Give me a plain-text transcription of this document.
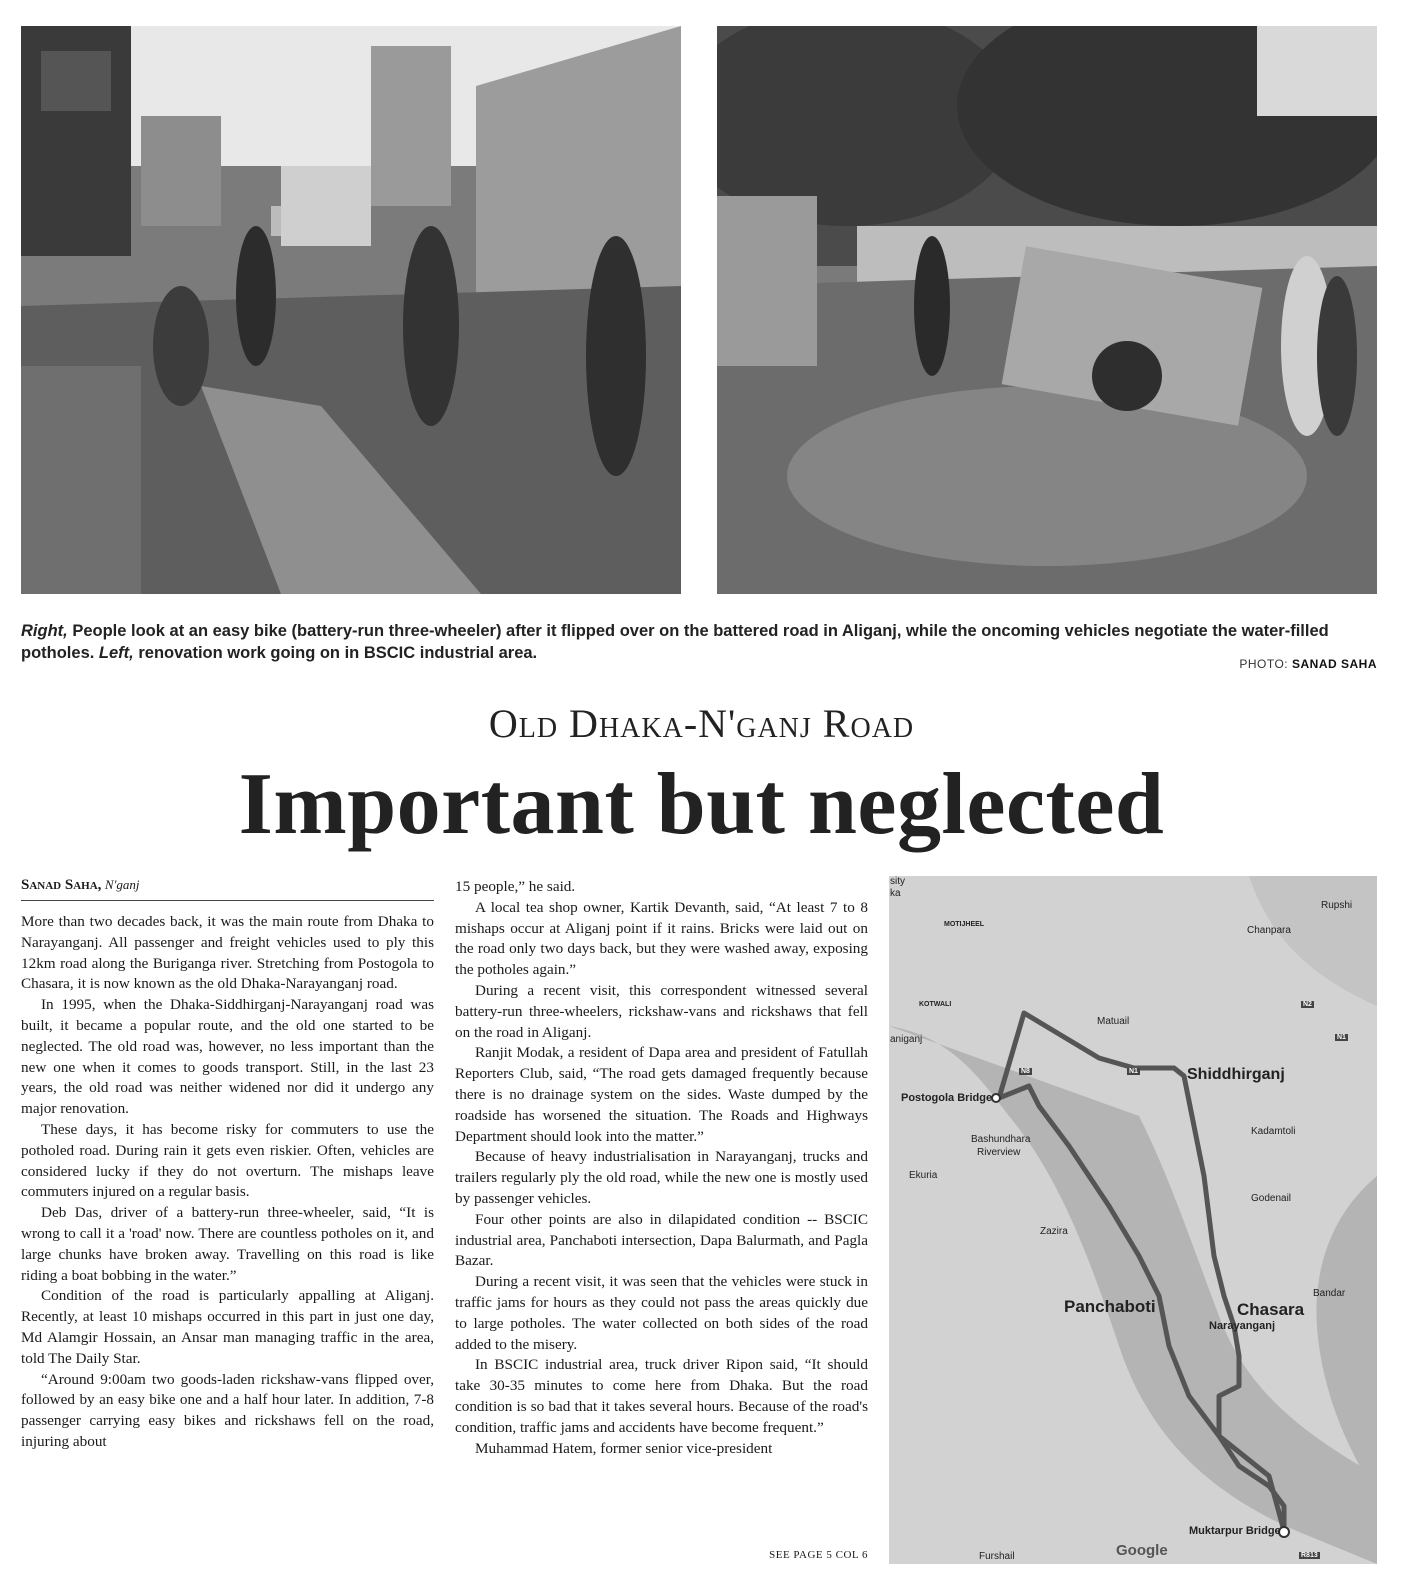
Right, People look at an easy bike (battery-run three-wheeler) after it flipped over on the battered road in Aliganj, while the oncoming vehicles negotiate the water-filled potholes. Left, renovation work going on in BSCIC industrial area.
PHOTO: SANAD SAHA
Old Dhaka-N'ganj Road
Important but neglected
Sanad Saha, N'ganj

More than two decades back, it was the main route from Dhaka to Narayanganj. All passenger and freight vehicles used to ply this 12km road along the Buriganga river. Stretching from Postogola to Chasara, it is now known as the old Dhaka-Narayanganj road.

In 1995, when the Dhaka-Siddhirganj-Narayanganj road was built, it became a popular route, and the old one started to be neglected. The old road was, however, no less important than the new one when it comes to goods transport. Still, in the last 23 years, the old road was neither widened nor did it undergo any major renovation.

These days, it has become risky for commuters to use the potholed road. During rain it gets even riskier. Often, vehicles are considered lucky if they do not overturn. The mishaps leave commuters injured on a regular basis.

Deb Das, driver of a battery-run three-wheeler, said, “It is wrong to call it a 'road' now. There are countless potholes on it, and large chunks have broken away. Travelling on this road is like riding a boat bobbing in the water.”

Condition of the road is particularly appalling at Aliganj. Recently, at least 10 mishaps occurred in this part in just one day, Md Alamgir Hossain, an Ansar man managing traffic in the area, told The Daily Star.

“Around 9:00am two goods-laden rickshaw-vans flipped over, followed by an easy bike one and a half hour later. In addition, 7-8 passenger carrying easy bikes and rickshaws fell on the road, injuring about

15 people,” he said.

A local tea shop owner, Kartik Devanth, said, “At least 7 to 8 mishaps occur at Aliganj point if it rains. Bricks were laid out on the road only two days back, but they were washed away, exposing the potholes again.”

During a recent visit, this correspondent witnessed several battery-run three-wheelers, rickshaw-vans and rickshaws that fell on the road in Aliganj.

Ranjit Modak, a resident of Dapa area and president of Fatullah Reporters Club, said, “The road gets damaged frequently because there is no drainage system on the sides. Waste dumped by the roadside has worsened the situation. The Roads and Highways Department should look into the matter.”

Because of heavy industrialisation in Narayanganj, trucks and trailers regularly ply the old road, while the new one is mostly used by passenger vehicles.

Four other points are also in dilapidated condition -- BSCIC industrial area, Panchaboti intersection, Dapa Balurmath, and Pagla Bazar.

During a recent visit, it was seen that the vehicles were stuck in traffic jams for hours as they could not pass the areas quickly due to large potholes. The water collected on both sides of the road added to the misery.

In BSCIC industrial area, truck driver Ripon said, “It should take 30-35 minutes to come here from Dhaka. But the road condition is so bad that it takes several hours. Because of the road's condition, traffic jams and accidents have become frequent.”

Muhammad Hatem, former senior vice-president

SEE PAGE 5 COL 6
sity
ka
MOTIJHEEL
KOTWALI
aniganj
Rupshi
Chanpara
Matuail
Shiddhirganj
Postogola Bridge
Bashundhara
Riverview
Kadamtoli
Ekuria
Godenail
Zazira
Panchaboti	Chasara
Narayanganj
Bandar
Muktarpur Bridge
Furshail	Google
N1
N1
N2
N8
R813
